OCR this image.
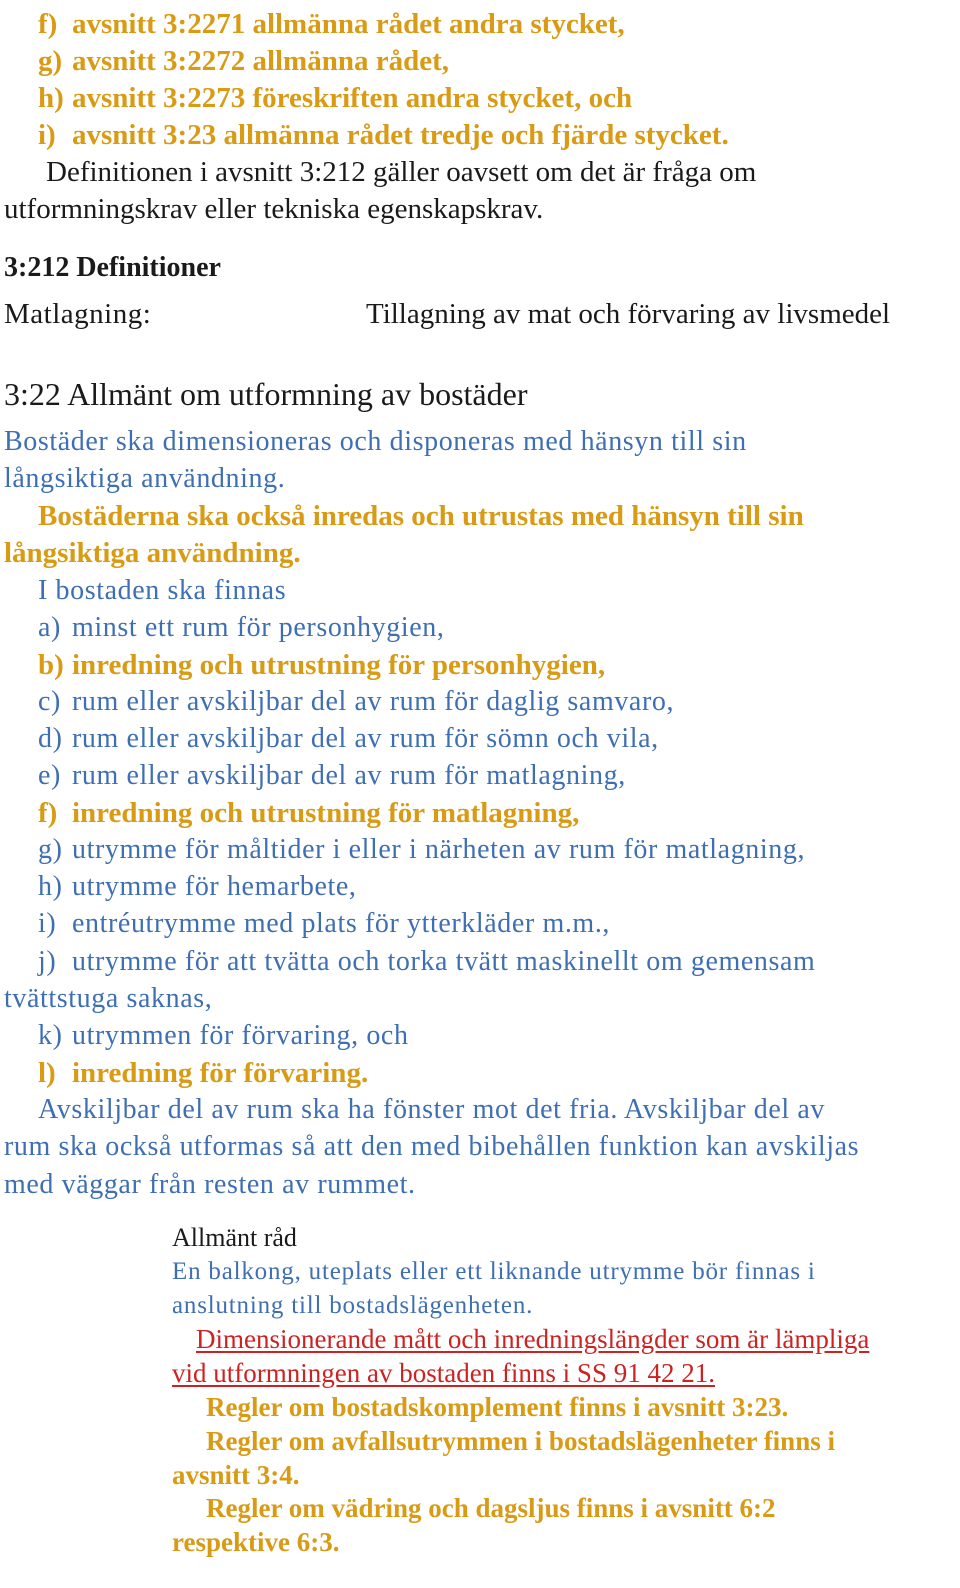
f) avsnitt 3:2271 allmänna rådet andra stycket,
g) avsnitt 3:2272 allmänna rådet,
h) avsnitt 3:2273 föreskriften andra stycket, och
i) avsnitt 3:23 allmänna rådet tredje och fjärde stycket.
Definitionen i avsnitt 3:212 gäller oavsett om det är fråga om
utformningskrav eller tekniska egenskapskrav.
3:212 Definitioner
Matlagning:	Tillagning av mat och förvaring av livsmedel
3:22 Allmänt om utformning av bostäder
Bostäder ska dimensioneras och disponeras med hänsyn till sin
långsiktiga användning.
Bostäderna ska också inredas och utrustas med hänsyn till sin
långsiktiga användning.
I bostaden ska finnas
a) minst ett rum för personhygien,
b) inredning och utrustning för personhygien,
c) rum eller avskiljbar del av rum för daglig samvaro,
d) rum eller avskiljbar del av rum för sömn och vila,
e) rum eller avskiljbar del av rum för matlagning,
f) inredning och utrustning för matlagning,
g) utrymme för måltider i eller i närheten av rum för matlagning,
h) utrymme för hemarbete,
i) entréutrymme med plats för ytterkläder m.m.,
j) utrymme för att tvätta och torka tvätt maskinellt om gemensam
tvättstuga saknas,
k) utrymmen för förvaring, och
l) inredning för förvaring.
Avskiljbar del av rum ska ha fönster mot det fria. Avskiljbar del av
rum ska också utformas så att den med bibehållen funktion kan avskiljas
med väggar från resten av rummet.
Allmänt råd
En balkong, uteplats eller ett liknande utrymme bör finnas i
anslutning till bostadslägenheten.
Dimensionerande mått och inredningslängder som är lämpliga
vid utformningen av bostaden finns i SS 91 42 21.
Regler om bostadskomplement finns i avsnitt 3:23.
Regler om avfallsutrymmen i bostadslägenheter finns i
avsnitt 3:4.
Regler om vädring och dagsljus finns i avsnitt 6:2
respektive 6:3.
